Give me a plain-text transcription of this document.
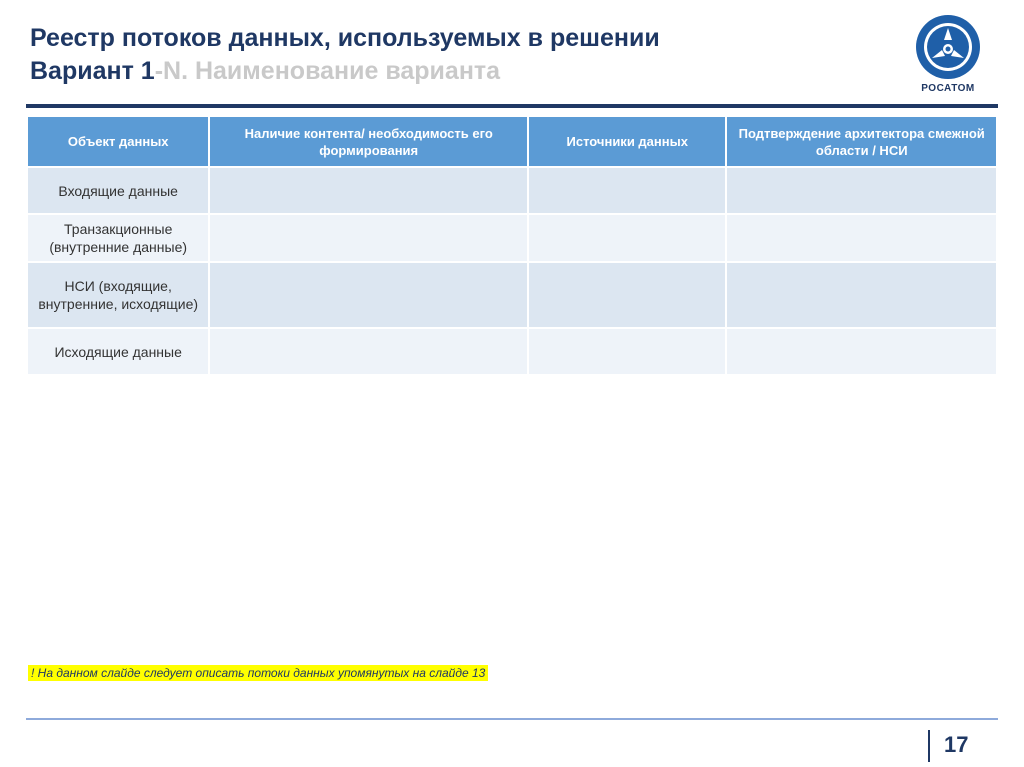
Реестр потоков данных, используемых в решении
Вариант 1-N. Наименование варианта
РОСАТОМ
Объект данных	Наличие контента/ необходимость его формирования	Источники данных	Подтверждение архитектора смежной области / НСИ
Входящие данные			
Транзакционные (внутренние данные)			
НСИ (входящие, внутренние, исходящие)			
Исходящие данные			
! На данном слайде следует описать потоки данных упомянутых на слайде 13
17
